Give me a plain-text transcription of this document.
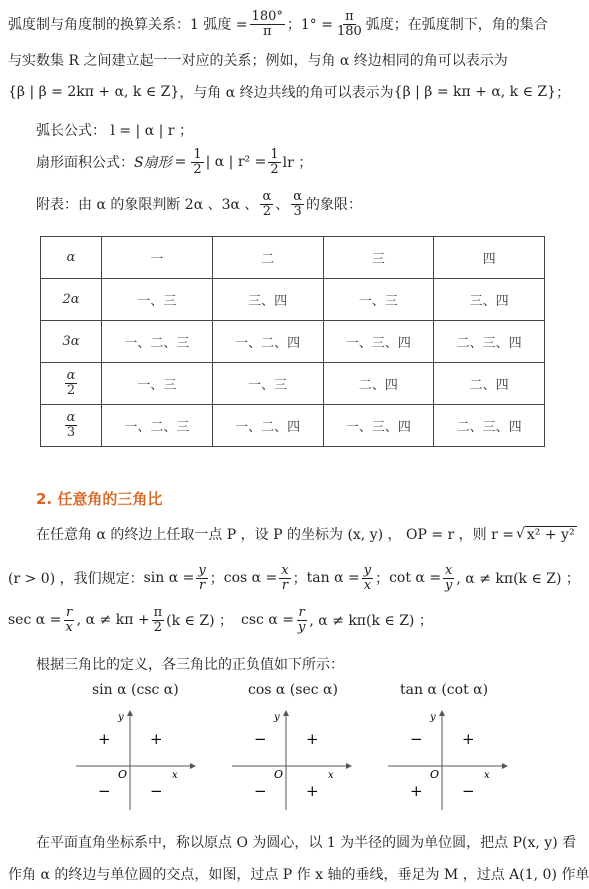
弧度制与角度制的换算关系：1 弧度 = $\frac{180^\circ}{\pi}$ ；$1^\circ = \frac{\pi}{180}$ 弧度；在弧度制下，角的集合
与实数集 R 之间建立起一一对应的关系；例如，与角 α 终边相同的角可以表示为
{β | β = 2kπ + α, k ∈ Z} ，与角 α 终边共线的角可以表示为 {β | β = kπ + α, k ∈ Z} ；
弧长公式： l = | α | r ；
扇形面积公式： S扇形 = $\frac{1}{2}$ | α | $r^2 = \frac{1}{2}$ lr ；
附表：由 α 的象限判断 2α 、3α 、 $\frac{\alpha}{2}$ 、 $\frac{\alpha}{3}$ 的象限：
α	一	二	三	四
2α	一、三	三、四	一、三	三、四
3α	一、二、三	一、二、四	一、三、四	二、三、四

$\frac{\alpha}{2}$	一、三	一、三	二、四	二、四

$\frac{\alpha}{3}$	一、二、三	一、二、四	一、三、四	二、三、四
2. 任意角的三角比
在任意角 α 的终边上任取一点 P ，设 P 的坐标为 (x, y) ， OP = r ，则 r = √ x² + y²
(r > 0) ，我们规定： $\sin \alpha = \frac{y}{r}$ ； $\cos \alpha = \frac{x}{r}$ ； $\tan \alpha = \frac{y}{x}$ ； $\cot \alpha = \frac{x}{y}$ , α ≠ kπ(k ∈ Z) ；
$\sec \alpha = \frac{r}{x}$ , $\alpha \ne k\pi + \frac{\pi}{2} (k$ ∈ Z) ； $\csc \alpha = \frac{r}{y}$ , α ≠ kπ(k ∈ Z) ；
根据三角比的定义，各三角比的正负值如下所示：
sin α (csc α)	cos α (sec α)	tan α (cot α)
y
x
O
+	+
−	−
y
x
O
−	+
−	+
y
x
O
−	+
+	−
在平面直角坐标系中，称以原点 O 为圆心，以 1 为半径的圆为单位圆，把点 P(x, y) 看
作角 α 的终边与单位圆的交点，如图，过点 P 作 x 轴的垂线，垂足为 M ，过点 A(1, 0) 作单
